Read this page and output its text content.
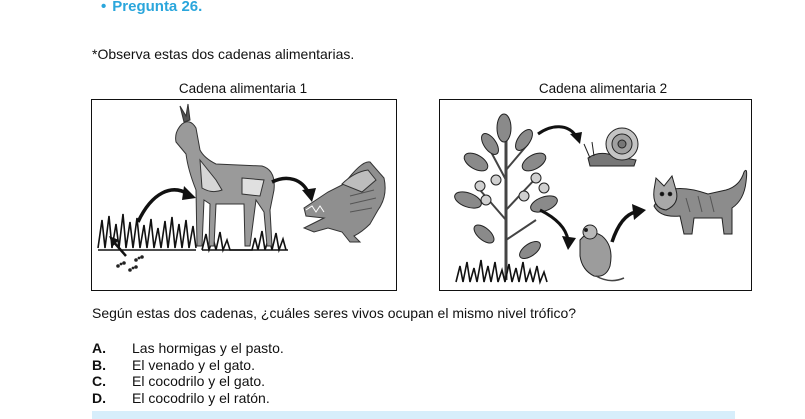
• Pregunta 26.
*Observa estas dos cadenas alimentarias.
Cadena alimentaria 1	Cadena alimentaria 2
Según estas dos cadenas, ¿cuáles seres vivos ocupan el mismo nivel trófico?
A.	Las hormigas y el pasto.
B.	El venado y el gato.
C.	El cocodrilo y el gato.
D.	El cocodrilo y el ratón.
